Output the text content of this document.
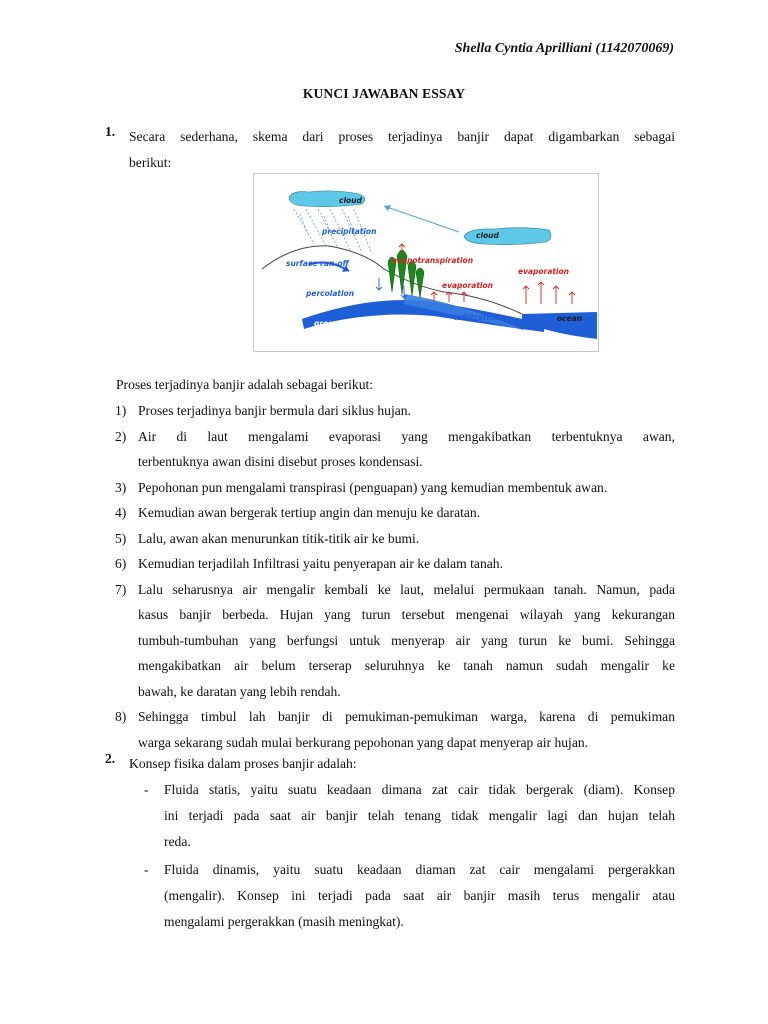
Shella Cyntia Aprilliani (1142070069)
KUNCI JAWABAN ESSAY
1. Secara sederhana, skema dari proses terjadinya banjir dapat digambarkan sebagai
berikut:
cloud
cloud
precipitation
surface run-off	evapotranspiration
evaporation
evaporation
percolation
infiltration
groundwater
ocean
Proses terjadinya banjir adalah sebagai berikut:
1) Proses terjadinya banjir bermula dari siklus hujan.
2) Air di laut mengalami evaporasi yang mengakibatkan terbentuknya awan,
terbentuknya awan disini disebut proses kondensasi.
3) Pepohonan pun mengalami transpirasi (penguapan) yang kemudian membentuk awan.
4) Kemudian awan bergerak tertiup angin dan menuju ke daratan.
5) Lalu, awan akan menurunkan titik-titik air ke bumi.
6) Kemudian terjadilah Infiltrasi yaitu penyerapan air ke dalam tanah.
7) Lalu seharusnya air mengalir kembali ke laut, melalui permukaan tanah. Namun, pada
kasus banjir berbeda. Hujan yang turun tersebut mengenai wilayah yang kekurangan
tumbuh-tumbuhan yang berfungsi untuk menyerap air yang turun ke bumi. Sehingga
mengakibatkan air belum terserap seluruhnya ke tanah namun sudah mengalir ke
bawah, ke daratan yang lebih rendah.
8) Sehingga timbul lah banjir di pemukiman-pemukiman warga, karena di pemukiman
warga sekarang sudah mulai berkurang pepohonan yang dapat menyerap air hujan.
2. Konsep fisika dalam proses banjir adalah:
- Fluida statis, yaitu suatu keadaan dimana zat cair tidak bergerak (diam). Konsep
ini terjadi pada saat air banjir telah tenang tidak mengalir lagi dan hujan telah
reda.
- Fluida dinamis, yaitu suatu keadaan diaman zat cair mengalami pergerakkan
(mengalir). Konsep ini terjadi pada saat air banjir masih terus mengalir atau
mengalami pergerakkan (masih meningkat).
